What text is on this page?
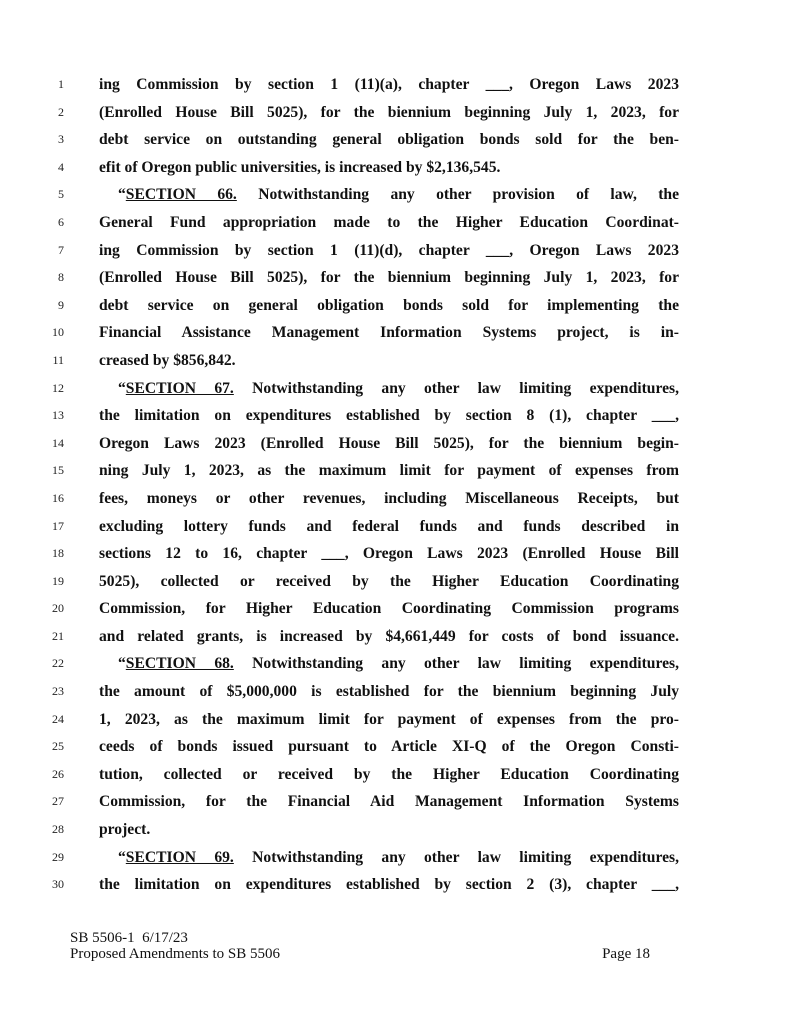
1 ing Commission by section 1 (11)(a), chapter ___, Oregon Laws 2023
2 (Enrolled House Bill 5025), for the biennium beginning July 1, 2023, for
3 debt service on outstanding general obligation bonds sold for the ben-
4 efit of Oregon public universities, is increased by $2,136,545.
5	“SECTION 66. Notwithstanding any other provision of law, the
6 General Fund appropriation made to the Higher Education Coordinat-
7 ing Commission by section 1 (11)(d), chapter ___, Oregon Laws 2023
8 (Enrolled House Bill 5025), for the biennium beginning July 1, 2023, for
9 debt service on general obligation bonds sold for implementing the
10 Financial Assistance Management Information Systems project, is in-
11 creased by $856,842.
12	“SECTION 67. Notwithstanding any other law limiting expenditures,
13 the limitation on expenditures established by section 8 (1), chapter ___,
14 Oregon Laws 2023 (Enrolled House Bill 5025), for the biennium begin-
15 ning July 1, 2023, as the maximum limit for payment of expenses from
16 fees, moneys or other revenues, including Miscellaneous Receipts, but
17 excluding lottery funds and federal funds and funds described in
18 sections 12 to 16, chapter ___, Oregon Laws 2023 (Enrolled House Bill
19 5025), collected or received by the Higher Education Coordinating
20 Commission, for Higher Education Coordinating Commission programs
21 and related grants, is increased by $4,661,449 for costs of bond issuance.
22	“SECTION 68. Notwithstanding any other law limiting expenditures,
23 the amount of $5,000,000 is established for the biennium beginning July
24 1, 2023, as the maximum limit for payment of expenses from the pro-
25 ceeds of bonds issued pursuant to Article XI-Q of the Oregon Consti-
26 tution, collected or received by the Higher Education Coordinating
27 Commission, for the Financial Aid Management Information Systems
28 project.
29	“SECTION 69. Notwithstanding any other law limiting expenditures,
30 the limitation on expenditures established by section 2 (3), chapter ___,
SB 5506-1  6/17/23
Proposed Amendments to SB 5506	Page 18
